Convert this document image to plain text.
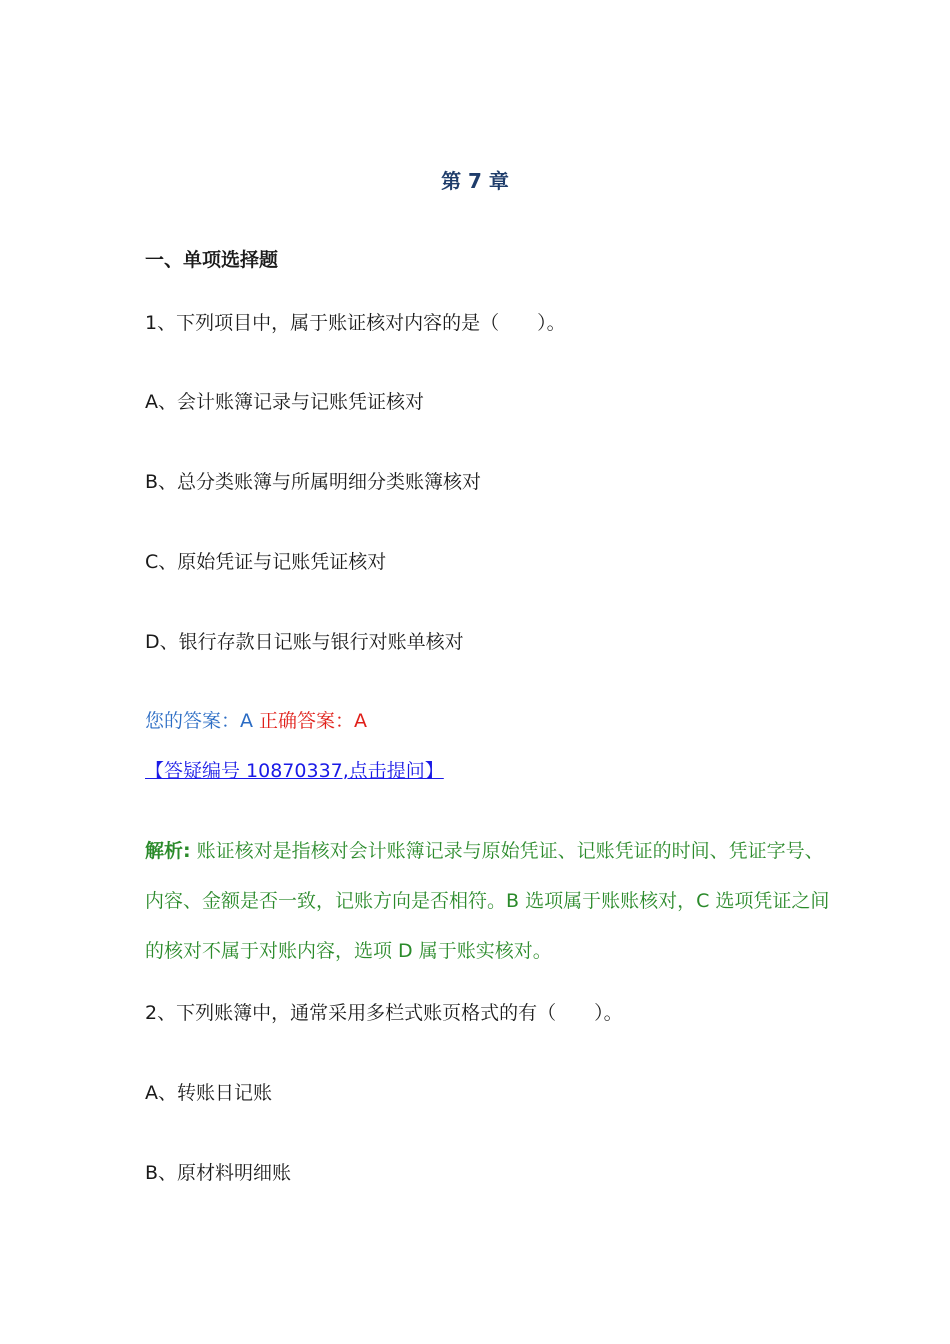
第 7 章
一、单项选择题
1、下列项目中，属于账证核对内容的是（　　）。
A、会计账簿记录与记账凭证核对
B、总分类账簿与所属明细分类账簿核对
C、原始凭证与记账凭证核对
D、银行存款日记账与银行对账单核对
您的答案：A 正确答案：A
【答疑编号 10870337,点击提问】
解析: 账证核对是指核对会计账簿记录与原始凭证、记账凭证的时间、凭证字号、
内容、金额是否一致，记账方向是否相符。B 选项属于账账核对，C 选项凭证之间
的核对不属于对账内容，选项 D 属于账实核对。
2、下列账簿中，通常采用多栏式账页格式的有（　　）。
A、转账日记账
B、原材料明细账
